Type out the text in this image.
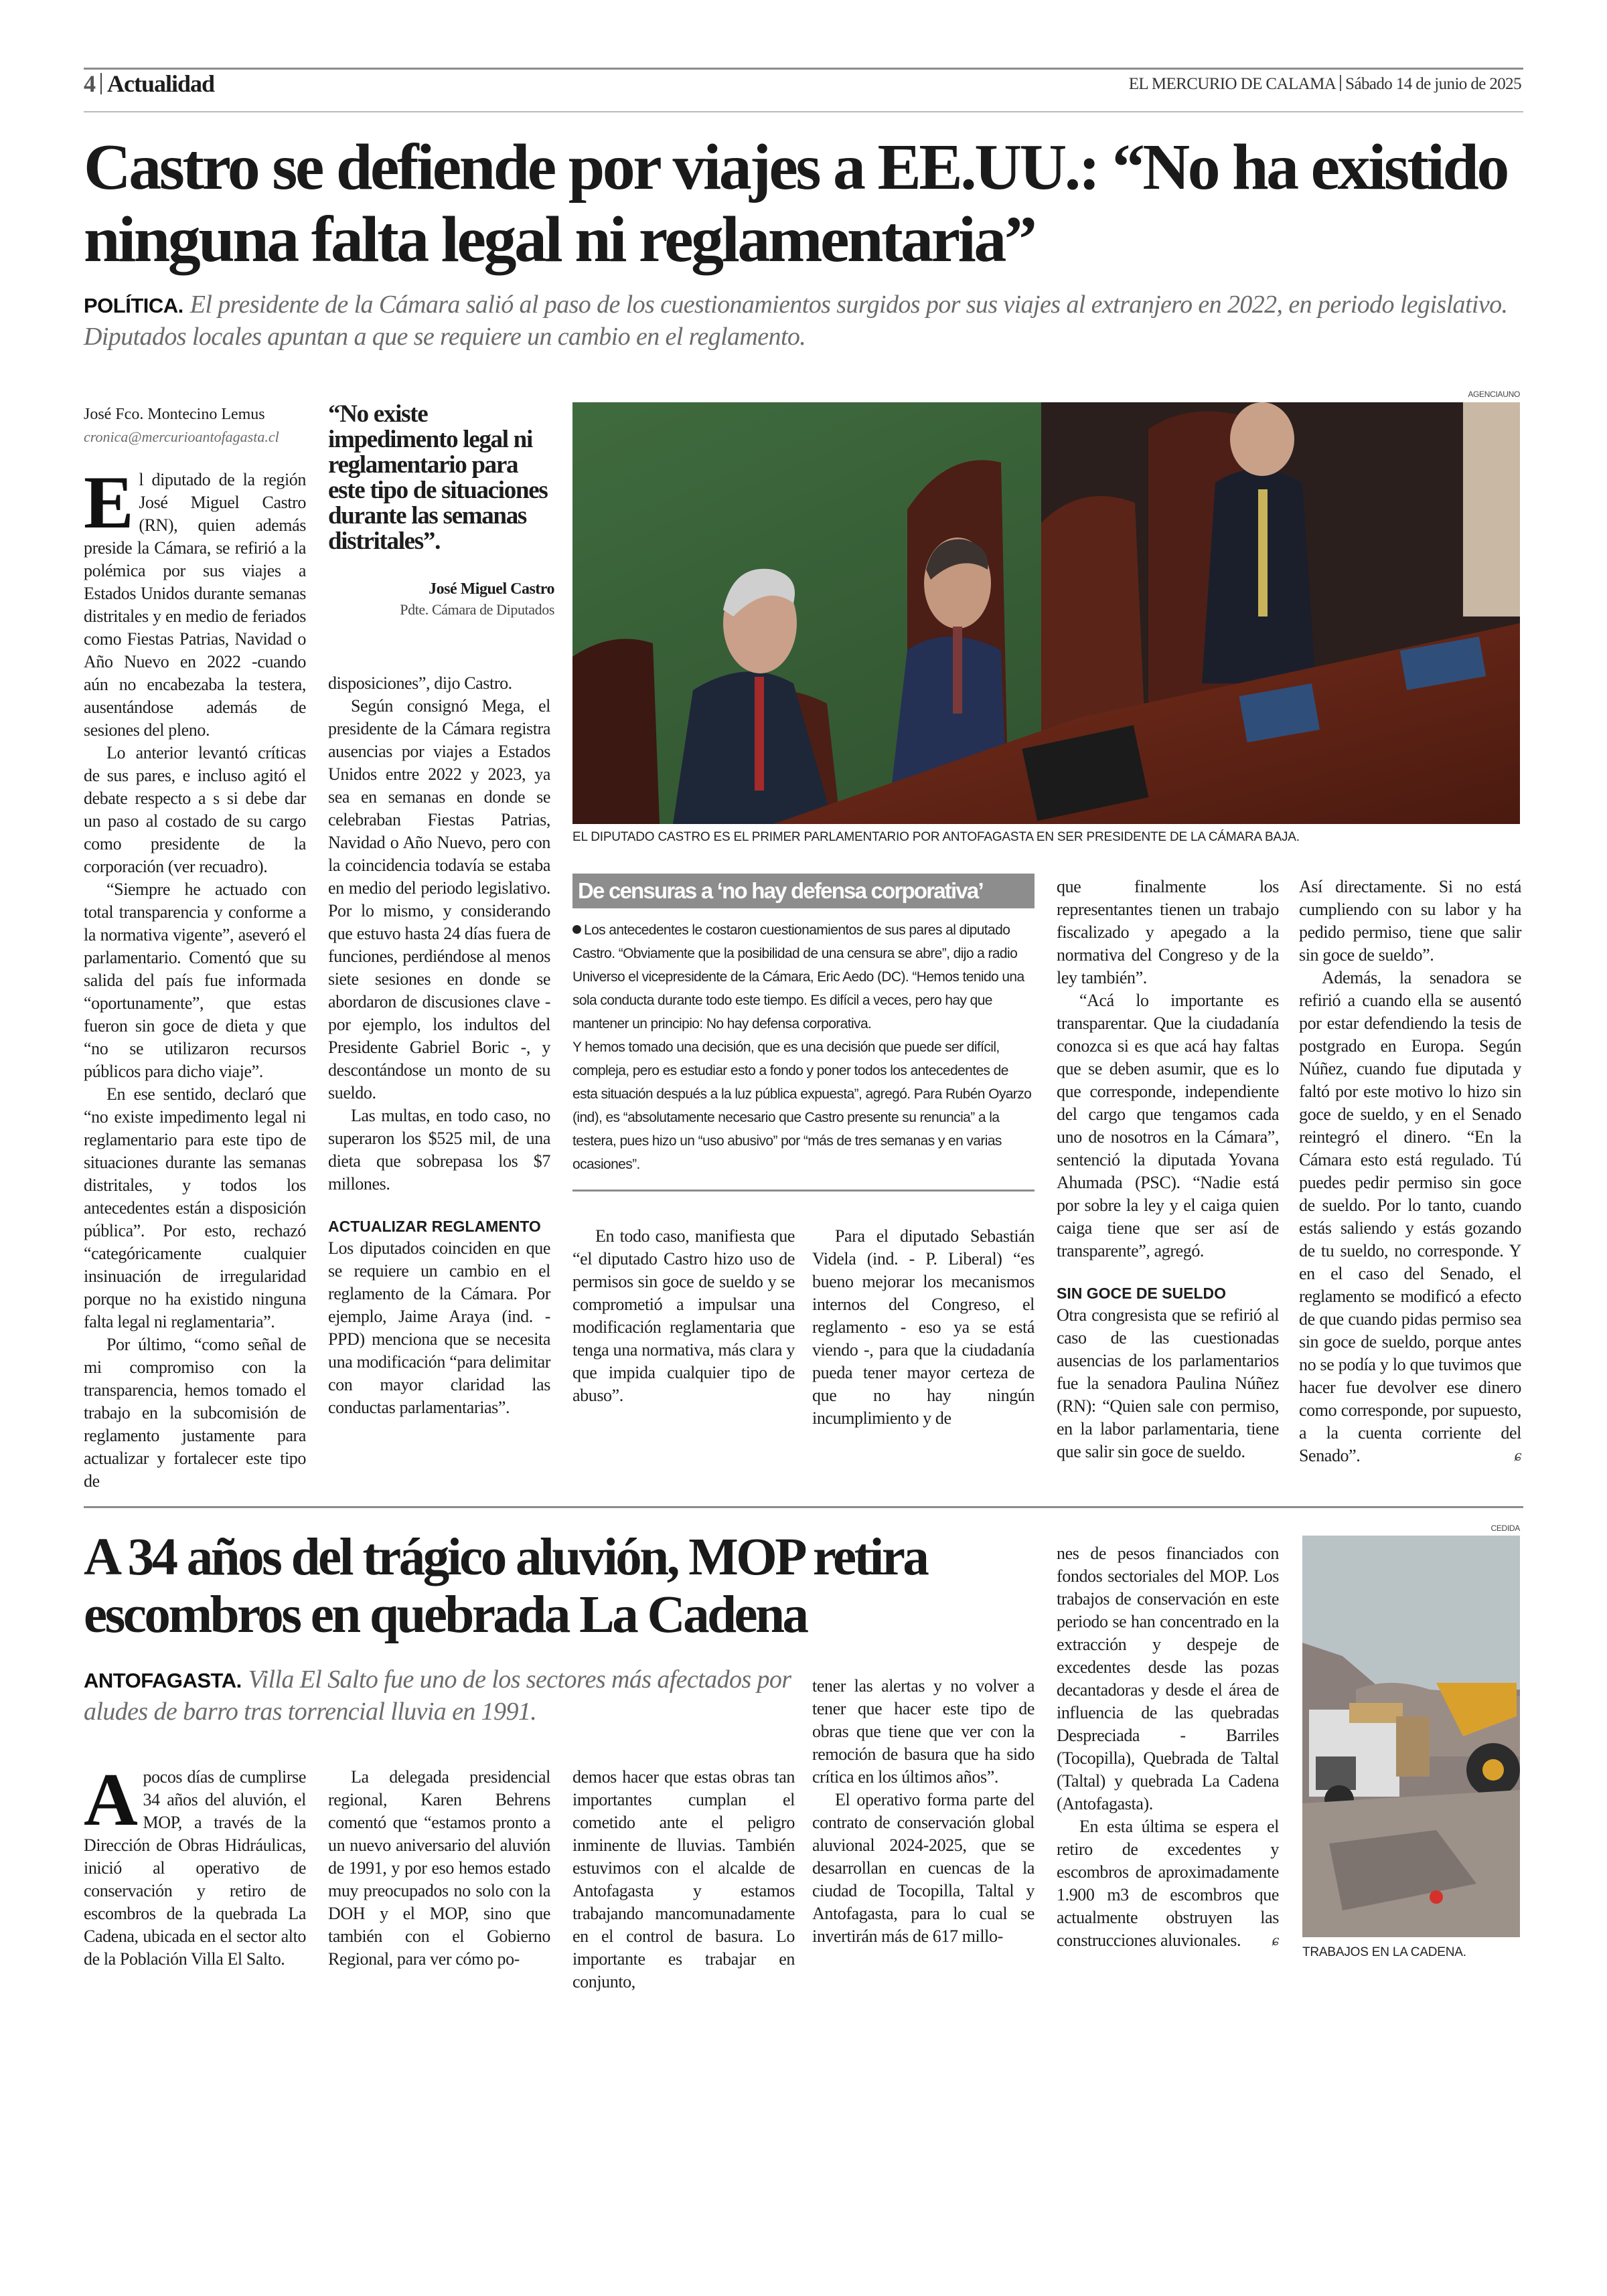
4 Actualidad	EL MERCURIO DE CALAMA Sábado 14 de junio de 2025
Castro se defiende por viajes a EE.UU.: “No ha existido ninguna falta legal ni reglamentaria”
POLÍTICA. El presidente de la Cámara salió al paso de los cuestionamientos surgidos por sus viajes al extranjero en 2022, en periodo legislativo. Diputados locales apuntan a que se requiere un cambio en el reglamento.
José Fco. Montecino Lemus
cronica@mercurioantofagasta.cl

El diputado de la región José Miguel Castro (RN), quien además preside la Cámara, se refirió a la polémica por sus viajes a Estados Unidos durante semanas distritales y en medio de feriados como Fiestas Patrias, Navidad o Año Nuevo en 2022 -cuando aún no encabezaba la testera, ausentándose además de sesiones del pleno.

Lo anterior levantó críticas de sus pares, e incluso agitó el debate respecto a s si debe dar un paso al costado de su cargo como presidente de la corporación (ver recuadro).

“Siempre he actuado con total transparencia y conforme a la normativa vigente”, aseveró el parlamentario. Comentó que su salida del país fue informada “oportunamente”, que estas fueron sin goce de dieta y que “no se utilizaron recursos públicos para dicho viaje”.

En ese sentido, declaró que “no existe impedimento legal ni reglamentario para este tipo de situaciones durante las semanas distritales, y todos los antecedentes están a disposición pública”. Por esto, rechazó “categóricamente cualquier insinuación de irregularidad porque no ha existido ninguna falta legal ni reglamentaria”.

Por último, “como señal de mi compromiso con la transparencia, hemos tomado el trabajo en la subcomisión de reglamento justamente para actualizar y fortalecer este tipo de

“No existe impedimento legal ni reglamentario para este tipo de situaciones durante las semanas distritales”.
José Miguel Castro
Pdte. Cámara de Diputados

disposiciones”, dijo Castro.

Según consignó Mega, el presidente de la Cámara registra ausencias por viajes a Estados Unidos entre 2022 y 2023, ya sea en semanas en donde se celebraban Fiestas Patrias, Navidad o Año Nuevo, pero con la coincidencia todavía se estaba en medio del periodo legislativo. Por lo mismo, y considerando que estuvo hasta 24 días fuera de funciones, perdiéndose al menos siete sesiones en donde se abordaron de discusiones clave - por ejemplo, los indultos del Presidente Gabriel Boric -, y descontándose un monto de su sueldo.

Las multas, en todo caso, no superaron los $525 mil, de una dieta que sobrepasa los $7 millones.

ACTUALIZAR REGLAMENTO

Los diputados coinciden en que se requiere un cambio en el reglamento de la Cámara. Por ejemplo, Jaime Araya (ind. - PPD) menciona que se necesita una modificación “para delimitar con mayor claridad las conductas parlamentarias”.

AGENCIAUNO
EL DIPUTADO CASTRO ES EL PRIMER PARLAMENTARIO POR ANTOFAGASTA EN SER PRESIDENTE DE LA CÁMARA BAJA.
De censuras a ‘no hay defensa corporativa’

Los antecedentes le costaron cuestionamientos de sus pares al diputado Castro. “Obviamente que la posibilidad de una censura se abre”, dijo a radio Universo el vicepresidente de la Cámara, Eric Aedo (DC). “Hemos tenido una sola conducta durante todo este tiempo. Es difícil a veces, pero hay que mantener un principio: No hay defensa corporativa.

Y hemos tomado una decisión, que es una decisión que puede ser difícil, compleja, pero es estudiar esto a fondo y poner todos los antecedentes de esta situación después a la luz pública expuesta”, agregó. Para Rubén Oyarzo (ind), es “absolutamente necesario que Castro presente su renuncia” a la testera, pues hizo un “uso abusivo” por “más de tres semanas y en varias ocasiones”.

En todo caso, manifiesta que “el diputado Castro hizo uso de permisos sin goce de sueldo y se comprometió a impulsar una modificación reglamentaria que tenga una normativa, más clara y que impida cualquier tipo de abuso”.

Para el diputado Sebastián Videla (ind. - P. Liberal) “es bueno mejorar los mecanismos internos del Congreso, el reglamento - eso ya se está viendo -, para que la ciudadanía pueda tener mayor certeza de que no hay ningún incumplimiento y de

que finalmente los representantes tienen un trabajo fiscalizado y apegado a la normativa del Congreso y de la ley también”.

“Acá lo importante es transparentar. Que la ciudadanía conozca si es que acá hay faltas que se deben asumir, que es lo que corresponde, independiente del cargo que tengamos cada uno de nosotros en la Cámara”, sentenció la diputada Yovana Ahumada (PSC). “Nadie está por sobre la ley y el caiga quien caiga tiene que ser así de transparente”, agregó.

SIN GOCE DE SUELDO

Otra congresista que se refirió al caso de las cuestionadas ausencias de los parlamentarios fue la senadora Paulina Núñez (RN): “Quien sale con permiso, en la labor parlamentaria, tiene que salir sin goce de sueldo.

Así directamente. Si no está cumpliendo con su labor y ha pedido permiso, tiene que salir sin goce de sueldo”.

Además, la senadora se refirió a cuando ella se ausentó por estar defendiendo la tesis de postgrado en Europa. Según Núñez, cuando fue diputada y faltó por este motivo lo hizo sin goce de sueldo, y en el Senado reintegró el dinero. “En la Cámara esto está regulado. Tú puedes pedir permiso sin goce de sueldo. Por lo tanto, cuando estás saliendo y estás gozando de tu sueldo, no corresponde. Y en el caso del Senado, el reglamento se modificó a efecto de que cuando pidas permiso sea sin goce de sueldo, porque antes no se podía y lo que tuvimos que hacer fue devolver ese dinero como corresponde, por supuesto, a la cuenta corriente del Senado”.	ɕ

A 34 años del trágico aluvión, MOP retira escombros en quebrada La Cadena
ANTOFAGASTA. Villa El Salto fue uno de los sectores más afectados por aludes de barro tras torrencial lluvia en 1991.

Apocos días de cumplirse 34 años del aluvión, el MOP, a través de la Dirección de Obras Hidráulicas, inició al operativo de conservación y retiro de escombros de la quebrada La Cadena, ubicada en el sector alto de la Población Villa El Salto.

La delegada presidencial regional, Karen Behrens comentó que “estamos pronto a un nuevo aniversario del aluvión de 1991, y por eso hemos estado muy preocupados no solo con la DOH y el MOP, sino que también con el Gobierno Regional, para ver cómo po-

demos hacer que estas obras tan importantes cumplan el cometido ante el peligro inminente de lluvias. También estuvimos con el alcalde de Antofagasta y estamos trabajando mancomunadamente en el control de basura. Lo importante es trabajar en conjunto,

tener las alertas y no volver a tener que hacer este tipo de obras que tiene que ver con la remoción de basura que ha sido crítica en los últimos años”.

El operativo forma parte del contrato de conservación global aluvional 2024-2025, que se desarrollan en cuencas de la ciudad de Tocopilla, Taltal y Antofagasta, para lo cual se invertirán más de 617 millo-

nes de pesos financiados con fondos sectoriales del MOP. Los trabajos de conservación en este periodo se han concentrado en la extracción y despeje de excedentes desde las pozas decantadoras y desde el área de influencia de las quebradas Despreciada - Barriles (Tocopilla), Quebrada de Taltal (Taltal) y quebrada La Cadena (Antofagasta).

En esta última se espera el retiro de excedentes y escombros de aproximadamente 1.900 m3 de escombros que actualmente obstruyen las construcciones aluvionales.	ɕ

CEDIDA
TRABAJOS EN LA CADENA.
